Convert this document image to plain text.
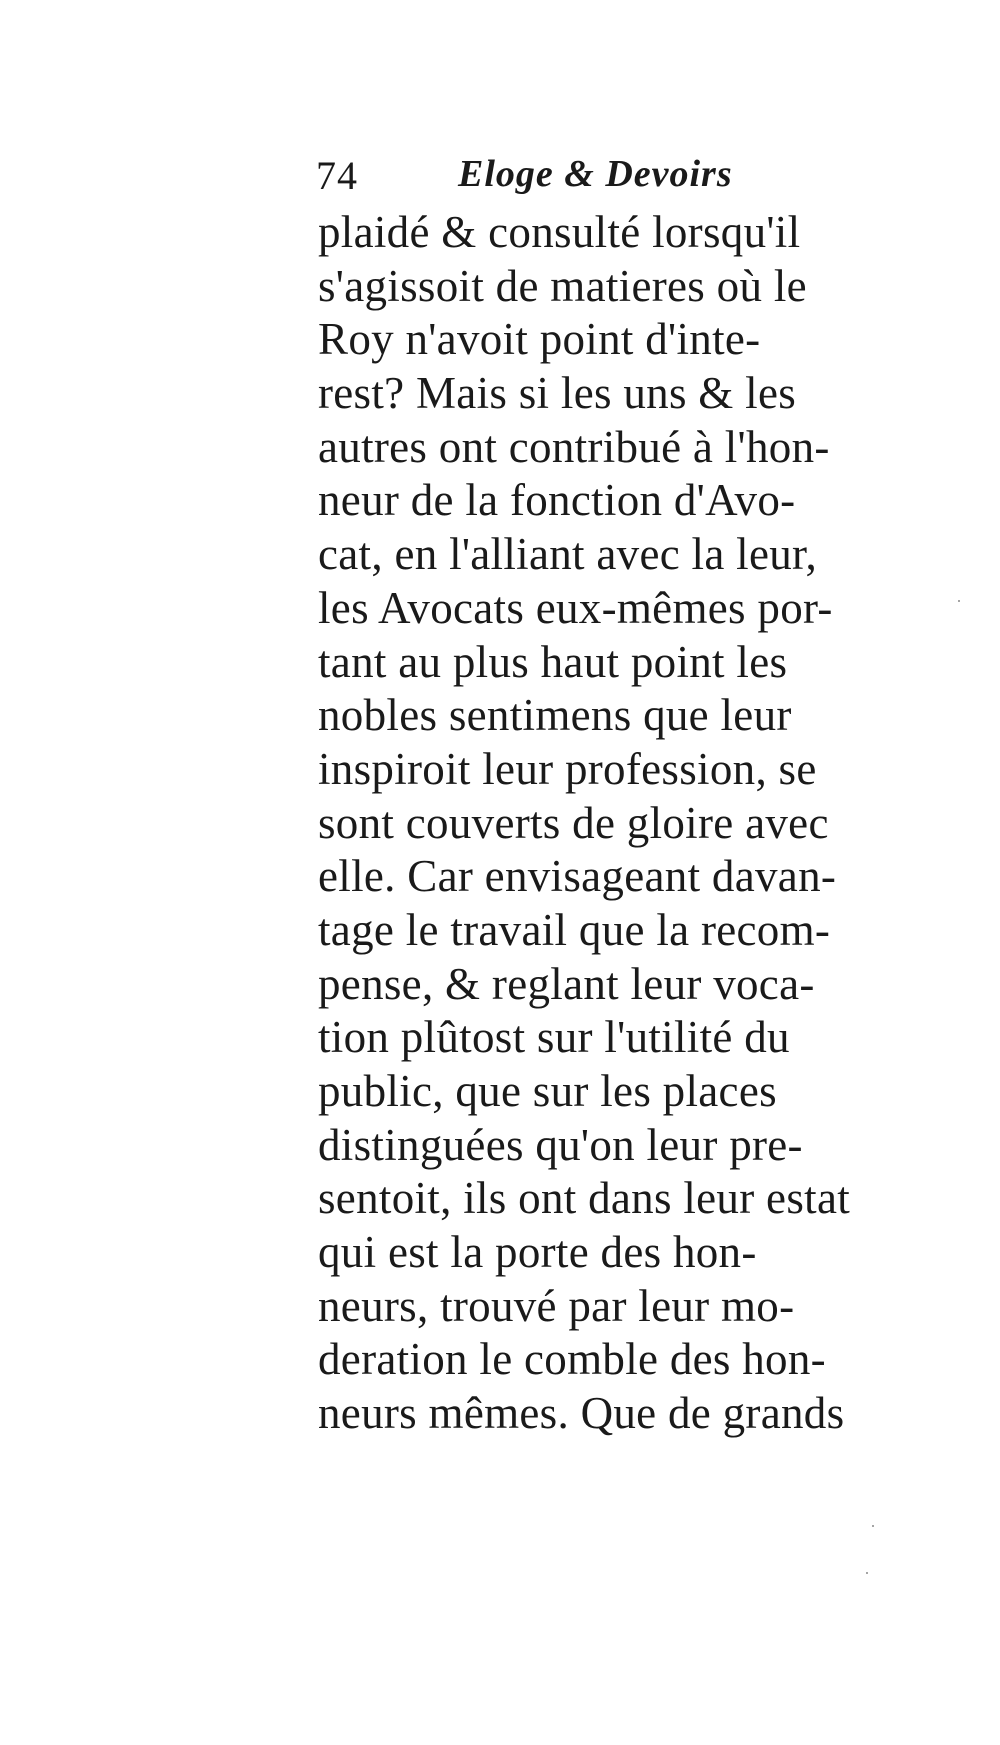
74	Eloge & Devoirs
plaidé & consulté lorsqu'il
s'agissoit de matieres où le
Roy n'avoit point d'inte-
rest? Mais si les uns & les
autres ont contribué à l'hon-
neur de la fonction d'Avo-
cat, en l'alliant avec la leur,
les Avocats eux-mêmes por-
tant au plus haut point les
nobles sentimens que leur
inspiroit leur profession, se
sont couverts de gloire avec
elle. Car envisageant davan-
tage le travail que la recom-
pense, & reglant leur voca-
tion plûtost sur l'utilité du
public, que sur les places
distinguées qu'on leur pre-
sentoit, ils ont dans leur estat
qui est la porte des hon-
neurs, trouvé par leur mo-
deration le comble des hon-
neurs mêmes. Que de grands
